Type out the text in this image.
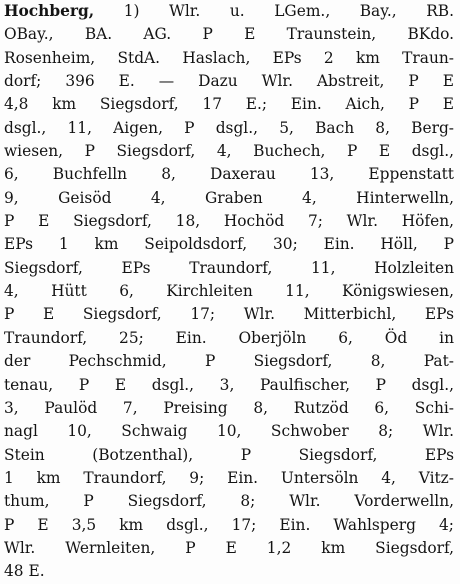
Hochberg, 1) Wlr. u. LGem., Bay., RB.
OBay., BA. AG. P E Traunstein, BKdo.
Rosenheim, StdA. Haslach, EPs 2 km Traun-
dorf; 396 E. — Dazu Wlr. Abstreit, P E
4,8 km Siegsdorf, 17 E.; Ein. Aich, P E
dsgl., 11, Aigen, P dsgl., 5, Bach 8, Berg-
wiesen, P Siegsdorf, 4, Buchech, P E dsgl.,
6, Buchfelln 8, Daxerau 13, Eppenstatt
9, Geisöd 4, Graben 4, Hinterwelln,
P E Siegsdorf, 18, Hochöd 7; Wlr. Höfen,
EPs 1 km Seipoldsdorf, 30; Ein. Höll, P
Siegsdorf, EPs Traundorf, 11, Holzleiten
4, Hütt 6, Kirchleiten 11, Königswiesen,
P E Siegsdorf, 17; Wlr. Mitterbichl, EPs
Traundorf, 25; Ein. Oberjöln 6, Öd in
der Pechschmid, P Siegsdorf, 8, Pat-
tenau, P E dsgl., 3, Paulfischer, P dsgl.,
3, Paulöd 7, Preising 8, Rutzöd 6, Schi-
nagl 10, Schwaig 10, Schwober 8; Wlr.
Stein (Botzenthal), P Siegsdorf, EPs
1 km Traundorf, 9; Ein. Untersöln 4, Vitz-
thum, P Siegsdorf, 8; Wlr. Vorderwelln,
P E 3,5 km dsgl., 17; Ein. Wahlsperg 4;
Wlr. Wernleiten, P E 1,2 km Siegsdorf,
48 E.
